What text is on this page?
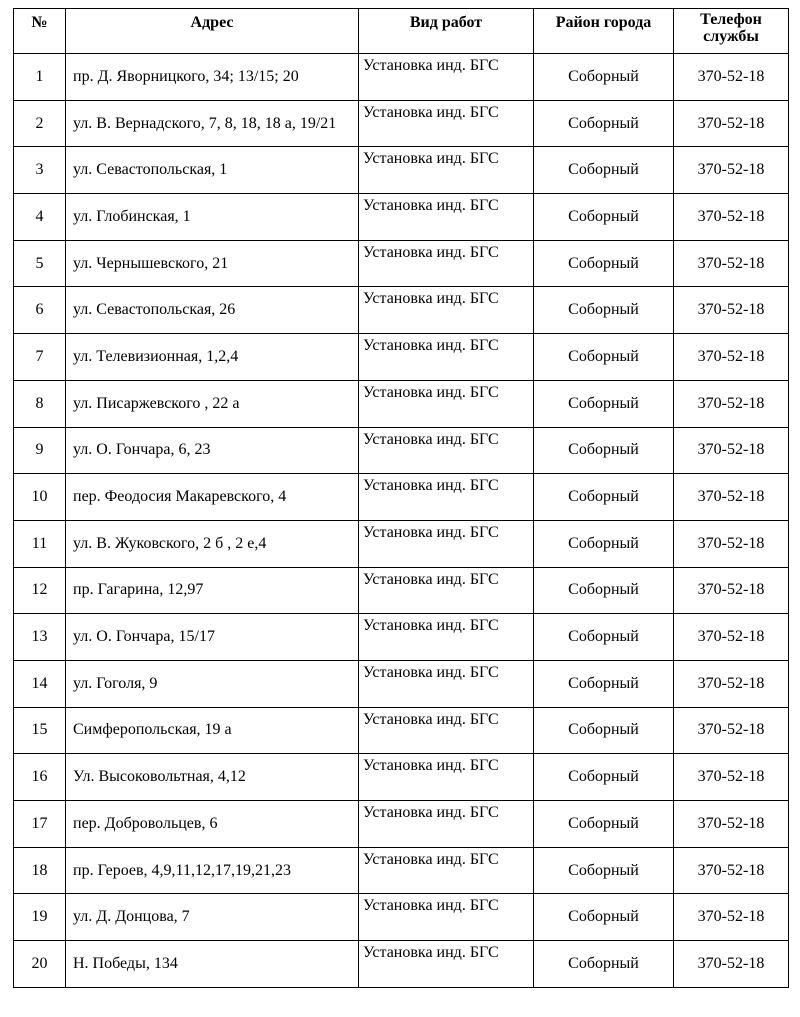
№	Адрес	Вид работ	Район города	Телефон службы
1	пр. Д. Яворницкого, 34; 13/15; 20	Установка инд. БГС	Соборный	370-52-18
2	ул. В. Вернадского, 7, 8, 18, 18 а, 19/21	Установка инд. БГС	Соборный	370-52-18
3	ул. Севастопольская, 1	Установка инд. БГС	Соборный	370-52-18
4	ул. Глобинская, 1	Установка инд. БГС	Соборный	370-52-18
5	ул. Чернышевского, 21	Установка инд. БГС	Соборный	370-52-18
6	ул. Севастопольская, 26	Установка инд. БГС	Соборный	370-52-18
7	ул. Телевизионная, 1,2,4	Установка инд. БГС	Соборный	370-52-18
8	ул. Писаржевского , 22 а	Установка инд. БГС	Соборный	370-52-18
9	ул. О. Гончара, 6, 23	Установка инд. БГС	Соборный	370-52-18
10	пер. Феодосия Макаревского, 4	Установка инд. БГС	Соборный	370-52-18
11	ул. В. Жуковского, 2 б , 2 е,4	Установка инд. БГС	Соборный	370-52-18
12	пр. Гагарина, 12,97	Установка инд. БГС	Соборный	370-52-18
13	ул. О. Гончара, 15/17	Установка инд. БГС	Соборный	370-52-18
14	ул. Гоголя, 9	Установка инд. БГС	Соборный	370-52-18
15	Симферопольская, 19 а	Установка инд. БГС	Соборный	370-52-18
16	Ул. Высоковольтная, 4,12	Установка инд. БГС	Соборный	370-52-18
17	пер. Добровольцев, 6	Установка инд. БГС	Соборный	370-52-18
18	пр. Героев, 4,9,11,12,17,19,21,23	Установка инд. БГС	Соборный	370-52-18
19	ул. Д. Донцова, 7	Установка инд. БГС	Соборный	370-52-18
20	Н. Победы, 134	Установка инд. БГС	Соборный	370-52-18
